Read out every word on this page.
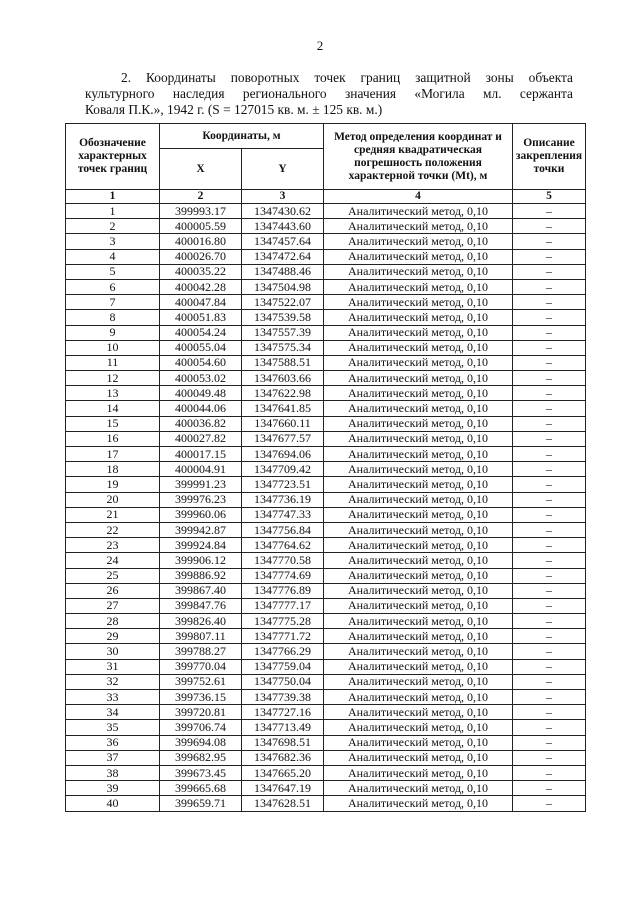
2
2. Координаты поворотных точек границ защитной зоны объекта
культурного наследия регионального значения «Могила мл. сержанта
Коваля П.К.», 1942 г. (S = 127015 кв. м. ± 125 кв. м.)
Обозначение характерных точек границ	Координаты, м		Метод определения координат и средняя квадратическая погрешность положения характерной точки (Mt), м	Описание закрепления точки
	X	Y		
1	2	3	4	5
1	399993.17	1347430.62	Аналитический метод, 0,10	–
2	400005.59	1347443.60	Аналитический метод, 0,10	–
3	400016.80	1347457.64	Аналитический метод, 0,10	–
4	400026.70	1347472.64	Аналитический метод, 0,10	–
5	400035.22	1347488.46	Аналитический метод, 0,10	–
6	400042.28	1347504.98	Аналитический метод, 0,10	–
7	400047.84	1347522.07	Аналитический метод, 0,10	–
8	400051.83	1347539.58	Аналитический метод, 0,10	–
9	400054.24	1347557.39	Аналитический метод, 0,10	–
10	400055.04	1347575.34	Аналитический метод, 0,10	–
11	400054.60	1347588.51	Аналитический метод, 0,10	–
12	400053.02	1347603.66	Аналитический метод, 0,10	–
13	400049.48	1347622.98	Аналитический метод, 0,10	–
14	400044.06	1347641.85	Аналитический метод, 0,10	–
15	400036.82	1347660.11	Аналитический метод, 0,10	–
16	400027.82	1347677.57	Аналитический метод, 0,10	–
17	400017.15	1347694.06	Аналитический метод, 0,10	–
18	400004.91	1347709.42	Аналитический метод, 0,10	–
19	399991.23	1347723.51	Аналитический метод, 0,10	–
20	399976.23	1347736.19	Аналитический метод, 0,10	–
21	399960.06	1347747.33	Аналитический метод, 0,10	–
22	399942.87	1347756.84	Аналитический метод, 0,10	–
23	399924.84	1347764.62	Аналитический метод, 0,10	–
24	399906.12	1347770.58	Аналитический метод, 0,10	–
25	399886.92	1347774.69	Аналитический метод, 0,10	–
26	399867.40	1347776.89	Аналитический метод, 0,10	–
27	399847.76	1347777.17	Аналитический метод, 0,10	–
28	399826.40	1347775.28	Аналитический метод, 0,10	–
29	399807.11	1347771.72	Аналитический метод, 0,10	–
30	399788.27	1347766.29	Аналитический метод, 0,10	–
31	399770.04	1347759.04	Аналитический метод, 0,10	–
32	399752.61	1347750.04	Аналитический метод, 0,10	–
33	399736.15	1347739.38	Аналитический метод, 0,10	–
34	399720.81	1347727.16	Аналитический метод, 0,10	–
35	399706.74	1347713.49	Аналитический метод, 0,10	–
36	399694.08	1347698.51	Аналитический метод, 0,10	–
37	399682.95	1347682.36	Аналитический метод, 0,10	–
38	399673.45	1347665.20	Аналитический метод, 0,10	–
39	399665.68	1347647.19	Аналитический метод, 0,10	–
40	399659.71	1347628.51	Аналитический метод, 0,10	–
